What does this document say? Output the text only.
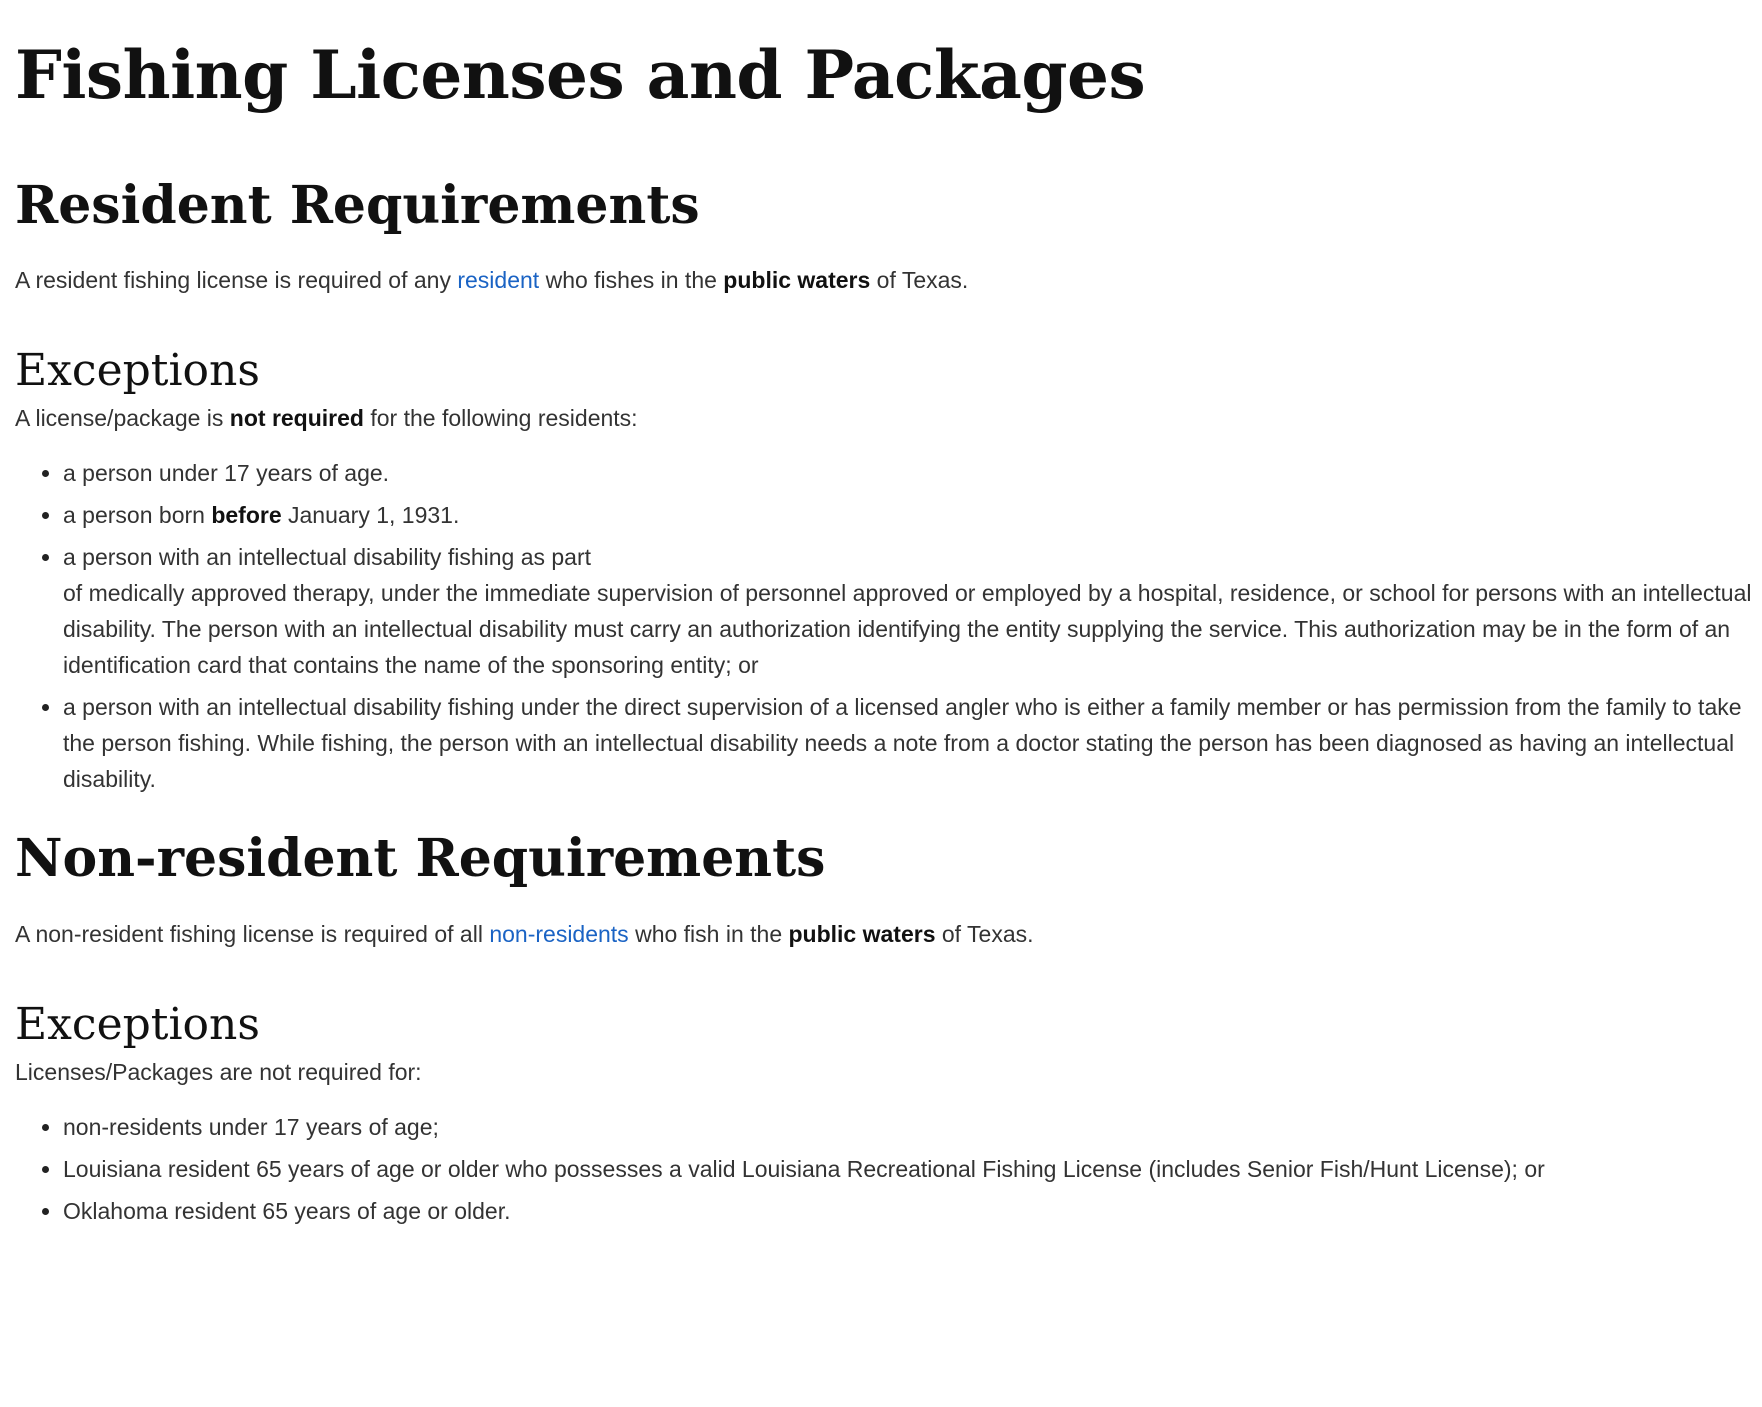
Fishing Licenses and Packages
Resident Requirements

A resident fishing license is required of any resident who fishes in the public waters of Texas.

Exceptions

A license/package is not required for the following residents:

• a person under 17 years of age.
• a person born before January 1, 1931.
• a person with an intellectual disability fishing as part
of medically approved therapy, under the immediate supervision of personnel approved or employed by a hospital, residence, or school for persons with an intellectual disability. The person with an intellectual disability must carry an authorization identifying the entity supplying the service. This authorization may be in the form of an identification card that contains the name of the sponsoring entity; or
• a person with an intellectual disability fishing under the direct supervision of a licensed angler who is either a family member or has permission from the family to take the person fishing. While fishing, the person with an intellectual disability needs a note from a doctor stating the person has been diagnosed as having an intellectual disability.
Non-resident Requirements

A non-resident fishing license is required of all non-residents who fish in the public waters of Texas.

Exceptions

Licenses/Packages are not required for:

• non-residents under 17 years of age;
• Louisiana resident 65 years of age or older who possesses a valid Louisiana Recreational Fishing License (includes Senior Fish/Hunt License); or
• Oklahoma resident 65 years of age or older.
